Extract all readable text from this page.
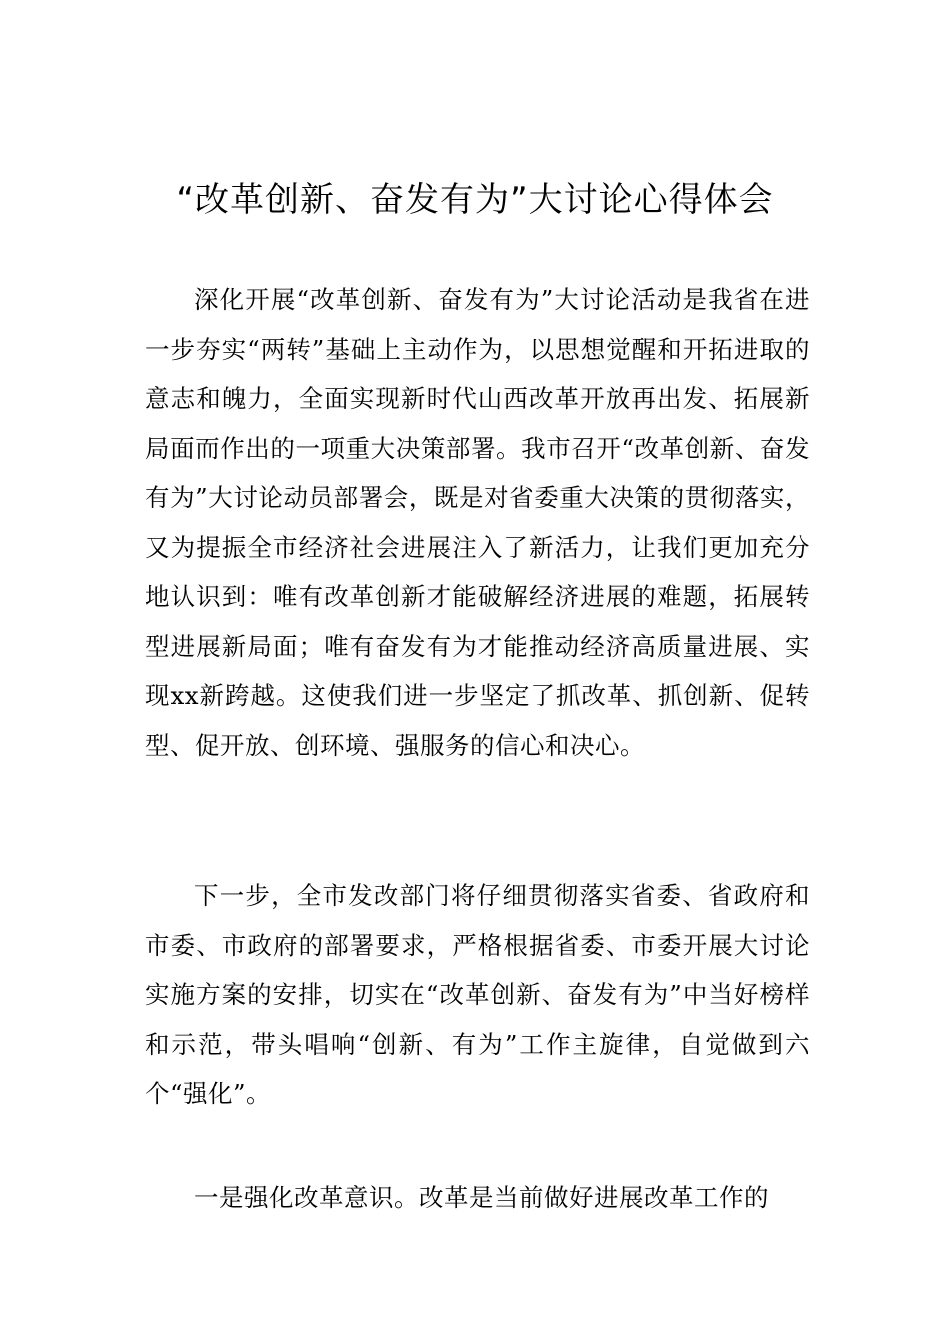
“改革创新、奋发有为”大讨论心得体会

深化开展“改革创新、奋发有为”大讨论活动是我省在进一步夯实“两转”基础上主动作为，以思想觉醒和开拓进取的意志和魄力，全面实现新时代山西改革开放再出发、拓展新局面而作出的一项重大决策部署。我市召开“改革创新、奋发有为”大讨论动员部署会，既是对省委重大决策的贯彻落实，又为提振全市经济社会进展注入了新活力，让我们更加充分地认识到：唯有改革创新才能破解经济进展的难题，拓展转型进展新局面；唯有奋发有为才能推动经济高质量进展、实现xx新跨越。这使我们进一步坚定了抓改革、抓创新、促转型、促开放、创环境、强服务的信心和决心。

下一步，全市发改部门将仔细贯彻落实省委、省政府和市委、市政府的部署要求，严格根据省委、市委开展大讨论实施方案的安排，切实在“改革创新、奋发有为”中当好榜样和示范，带头唱响“创新、有为”工作主旋律，自觉做到六个“强化”。

一是强化改革意识。改革是当前做好进展改革工作的
